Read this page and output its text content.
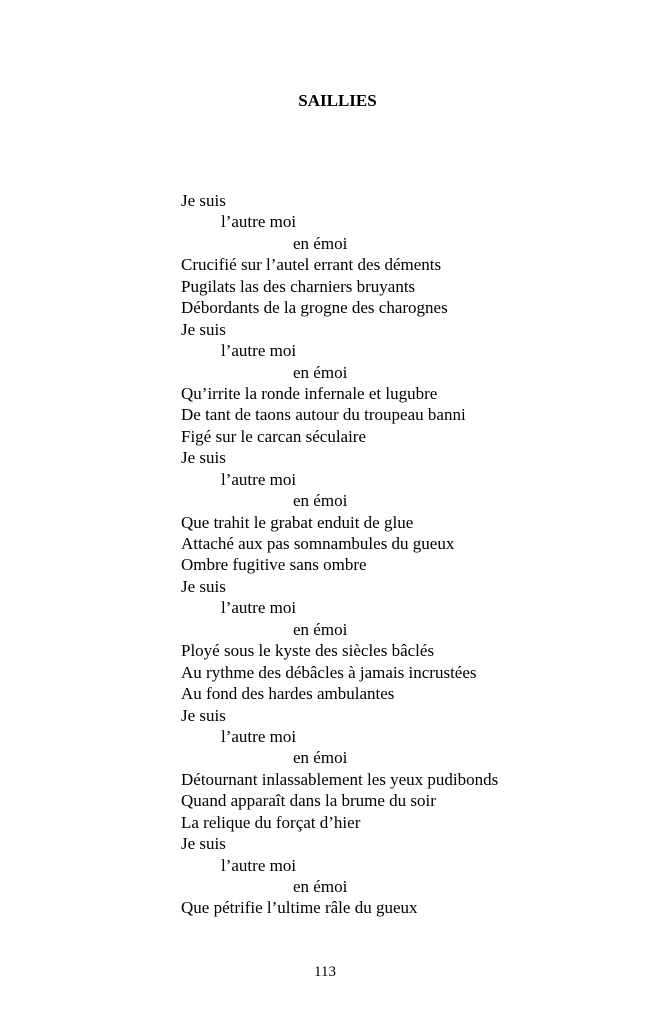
SAILLIES
Je suis
l’autre moi
en émoi
Crucifié sur l’autel errant des déments
Pugilats las des charniers bruyants
Débordants de la grogne des charognes
Je suis
l’autre moi
en émoi
Qu’irrite la ronde infernale et lugubre
De tant de taons autour du troupeau banni
Figé sur le carcan séculaire
Je suis
l’autre moi
en émoi
Que trahit le grabat enduit de glue
Attaché aux pas somnambules du gueux
Ombre fugitive sans ombre
Je suis
l’autre moi
en émoi
Ployé sous le kyste des siècles bâclés
Au rythme des débâcles à jamais incrustées
Au fond des hardes ambulantes
Je suis
l’autre moi
en émoi
Détournant inlassablement les yeux pudibonds
Quand apparaît dans la brume du soir
La relique du forçat d’hier
Je suis
l’autre moi
en émoi
Que pétrifie l’ultime râle du gueux
113
